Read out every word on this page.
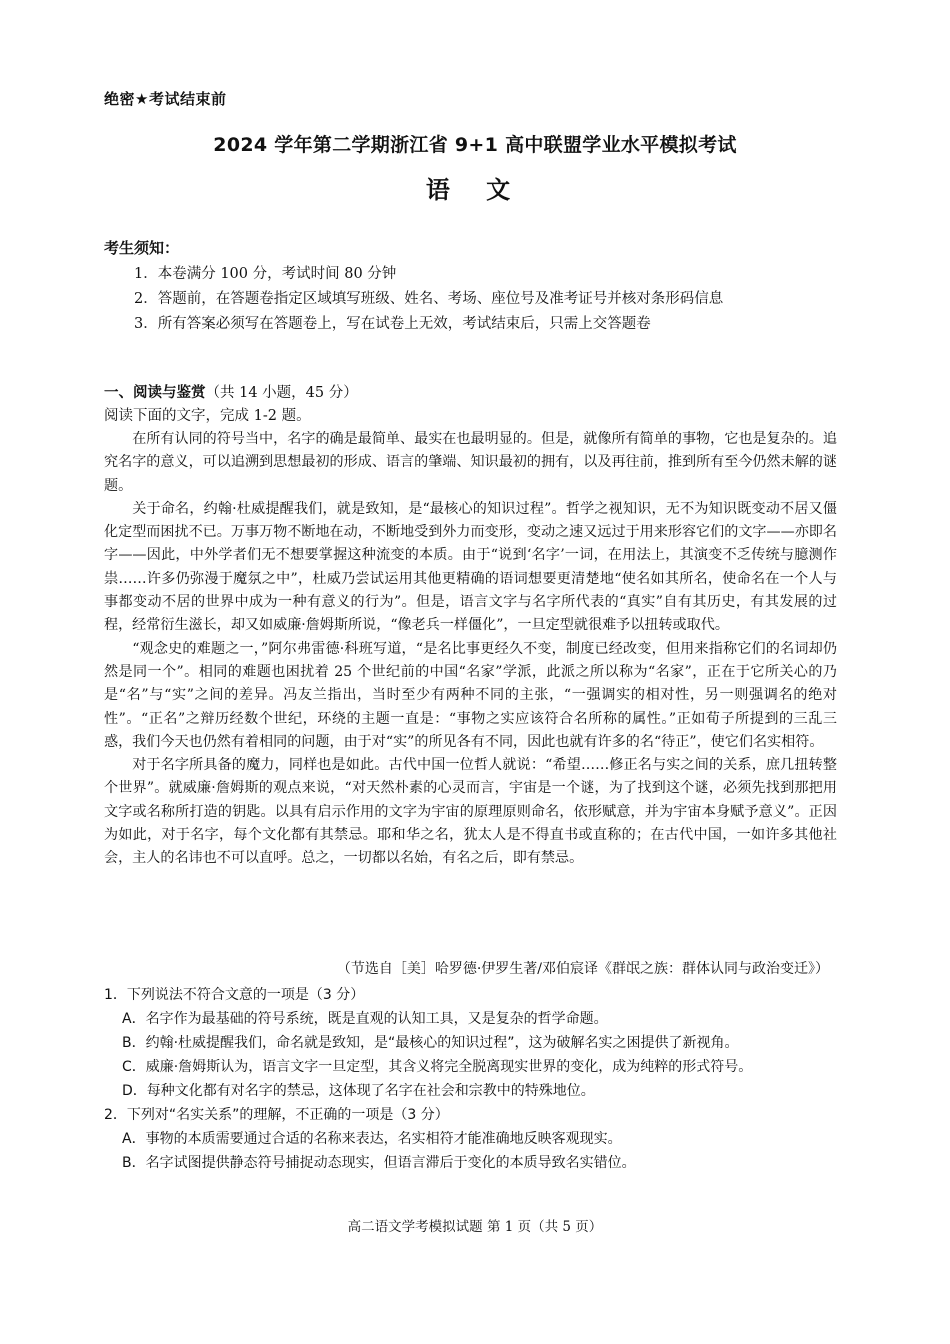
绝密★考试结束前
2024 学年第二学期浙江省 9+1 高中联盟学业水平模拟考试
语 文
考生须知：
1．本卷满分 100 分，考试时间 80 分钟
2．答题前，在答题卷指定区域填写班级、姓名、考场、座位号及准考证号并核对条形码信息
3．所有答案必须写在答题卷上，写在试卷上无效，考试结束后，只需上交答题卷
一、阅读与鉴赏（共 14 小题，45 分）
阅读下面的文字，完成 1-2 题。

在所有认同的符号当中，名字的确是最简单、最实在也最明显的。但是，就像所有简单的事物，它也是复杂的。追究名字的意义，可以追溯到思想最初的形成、语言的肇端、知识最初的拥有，以及再往前，推到所有至今仍然未解的谜题。

关于命名，约翰·杜威提醒我们，就是致知，是“最核心的知识过程”。哲学之视知识，无不为知识既变动不居又僵化定型而困扰不已。万事万物不断地在动，不断地受到外力而变形，变动之速又远过于用来形容它们的文字——亦即名字——因此，中外学者们无不想要掌握这种流变的本质。由于“说到‘名字’一词，在用法上，其演变不乏传统与臆测作祟……许多仍弥漫于魔氛之中”，杜威乃尝试运用其他更精确的语词想要更清楚地“使名如其所名，使命名在一个人与事都变动不居的世界中成为一种有意义的行为”。但是，语言文字与名字所代表的“真实”自有其历史，有其发展的过程，经常衍生滋长，却又如威廉·詹姆斯所说，“像老兵一样僵化”，一旦定型就很难予以扭转或取代。

“观念史的难题之一，”阿尔弗雷德·科班写道，“是名比事更经久不变，制度已经改变，但用来指称它们的名词却仍然是同一个”。相同的难题也困扰着 25 个世纪前的中国“名家”学派，此派之所以称为“名家”，正在于它所关心的乃是“名”与“实”之间的差异。冯友兰指出，当时至少有两种不同的主张，“一强调实的相对性，另一则强调名的绝对性”。“正名”之辩历经数个世纪，环绕的主题一直是：“事物之实应该符合名所称的属性。”正如荀子所提到的三乱三惑，我们今天也仍然有着相同的问题，由于对“实”的所见各有不同，因此也就有许多的名“待正”，使它们名实相符。

对于名字所具备的魔力，同样也是如此。古代中国一位哲人就说：“希望……修正名与实之间的关系，庶几扭转整个世界”。就威廉·詹姆斯的观点来说，“对天然朴素的心灵而言，宇宙是一个谜，为了找到这个谜，必须先找到那把用文字或名称所打造的钥匙。以具有启示作用的文字为宇宙的原理原则命名，依形赋意，并为宇宙本身赋予意义”。正因为如此，对于名字，每个文化都有其禁忌。耶和华之名，犹太人是不得直书或直称的；在古代中国，一如许多其他社会，主人的名讳也不可以直呼。总之，一切都以名始，有名之后，即有禁忌。

（节选自［美］哈罗德·伊罗生著/邓伯宸译《群氓之族：群体认同与政治变迁》）
1．下列说法不符合文意的一项是（3 分）
A．名字作为最基础的符号系统，既是直观的认知工具，又是复杂的哲学命题。
B．约翰·杜威提醒我们，命名就是致知，是“最核心的知识过程”，这为破解名实之困提供了新视角。
C．威廉·詹姆斯认为，语言文字一旦定型，其含义将完全脱离现实世界的变化，成为纯粹的形式符号。
D．每种文化都有对名字的禁忌，这体现了名字在社会和宗教中的特殊地位。
2．下列对“名实关系”的理解，不正确的一项是（3 分）
A．事物的本质需要通过合适的名称来表达，名实相符才能准确地反映客观现实。
B．名字试图提供静态符号捕捉动态现实，但语言滞后于变化的本质导致名实错位。
高二语文学考模拟试题 第 1 页（共 5 页）
